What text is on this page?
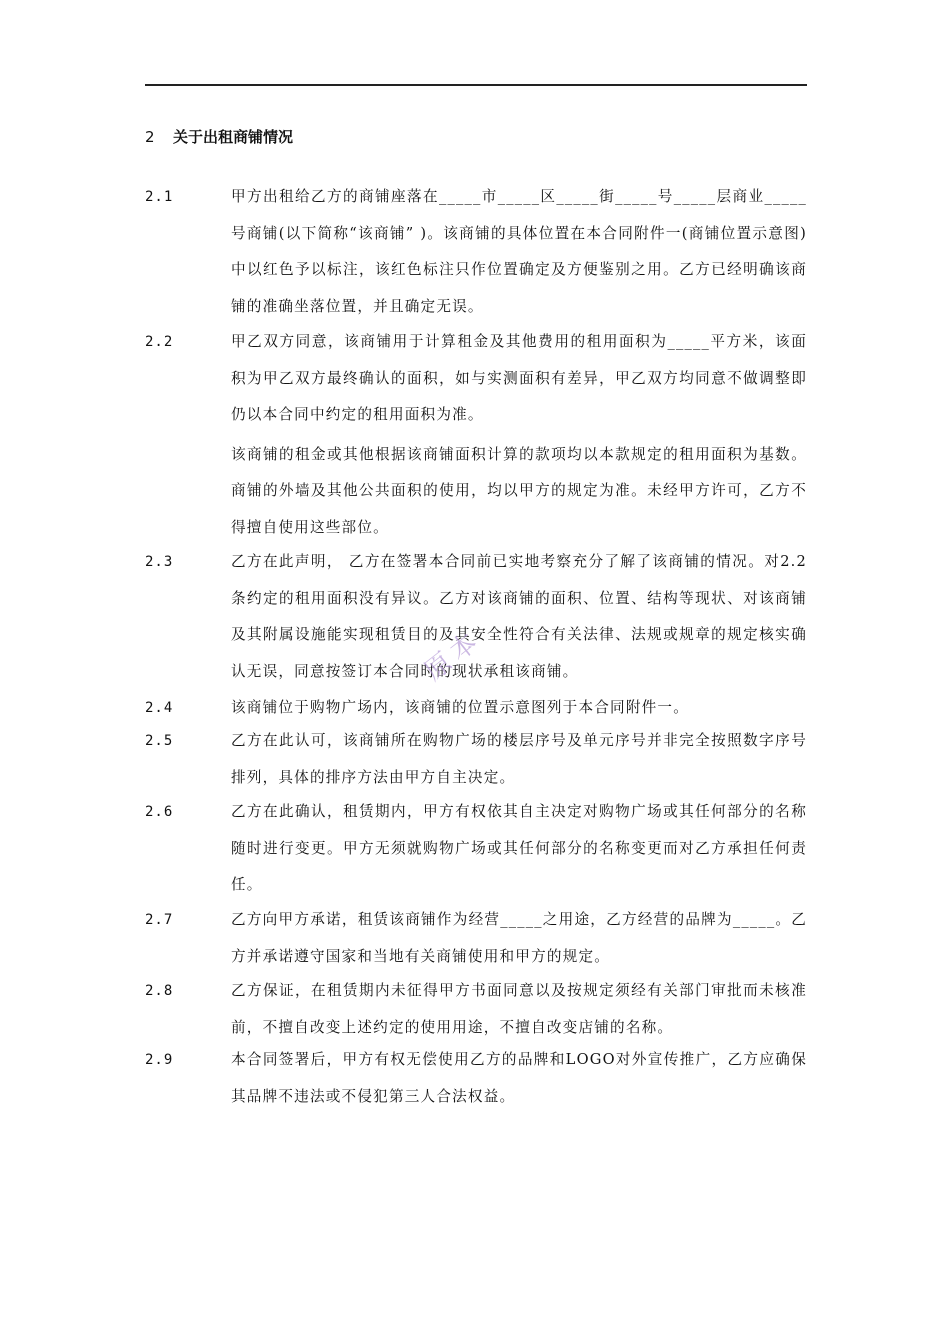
2 关于出租商铺情况
2.1	甲方出租给乙方的商铺座落在_____市_____区_____街_____号_____层商业_____号商铺(以下简称“该商铺” )。该商铺的具体位置在本合同附件一(商铺位置示意图)中以红色予以标注，该红色标注只作位置确定及方便鉴别之用。乙方已经明确该商铺的准确坐落位置，并且确定无误。

2.2	甲乙双方同意，该商铺用于计算租金及其他费用的租用面积为_____平方米，该面积为甲乙双方最终确认的面积，如与实测面积有差异，甲乙双方均同意不做调整即仍以本合同中约定的租用面积为准。

该商铺的租金或其他根据该商铺面积计算的款项均以本款规定的租用面积为基数。商铺的外墙及其他公共面积的使用，均以甲方的规定为准。未经甲方许可，乙方不得擅自使用这些部位。

2.3	乙方在此声明， 乙方在签署本合同前已实地考察充分了解了该商铺的情况。对2.2条约定的租用面积没有异议。乙方对该商铺的面积、位置、结构等现状、对该商铺及其附属设施能实现租赁目的及其安全性符合有关法律、法规或规章的规定核实确认无误，同意按签订本合同时的现状承租该商铺。

2.4	该商铺位于购物广场内，该商铺的位置示意图列于本合同附件一。

2.5	乙方在此认可，该商铺所在购物广场的楼层序号及单元序号并非完全按照数字序号排列，具体的排序方法由甲方自主决定。

2.6	乙方在此确认，租赁期内，甲方有权依其自主决定对购物广场或其任何部分的名称随时进行变更。甲方无须就购物广场或其任何部分的名称变更而对乙方承担任何责任。

2.7	乙方向甲方承诺，租赁该商铺作为经营_____之用途，乙方经营的品牌为_____。乙方并承诺遵守国家和当地有关商铺使用和甲方的规定。

2.8	乙方保证，在租赁期内未征得甲方书面同意以及按规定须经有关部门审批而未核准前，不擅自改变上述约定的使用用途，不擅自改变店铺的名称。

2.9	本合同签署后，甲方有权无偿使用乙方的品牌和LOGO对外宣传推广，乙方应确保其品牌不违法或不侵犯第三人合法权益。

原本
